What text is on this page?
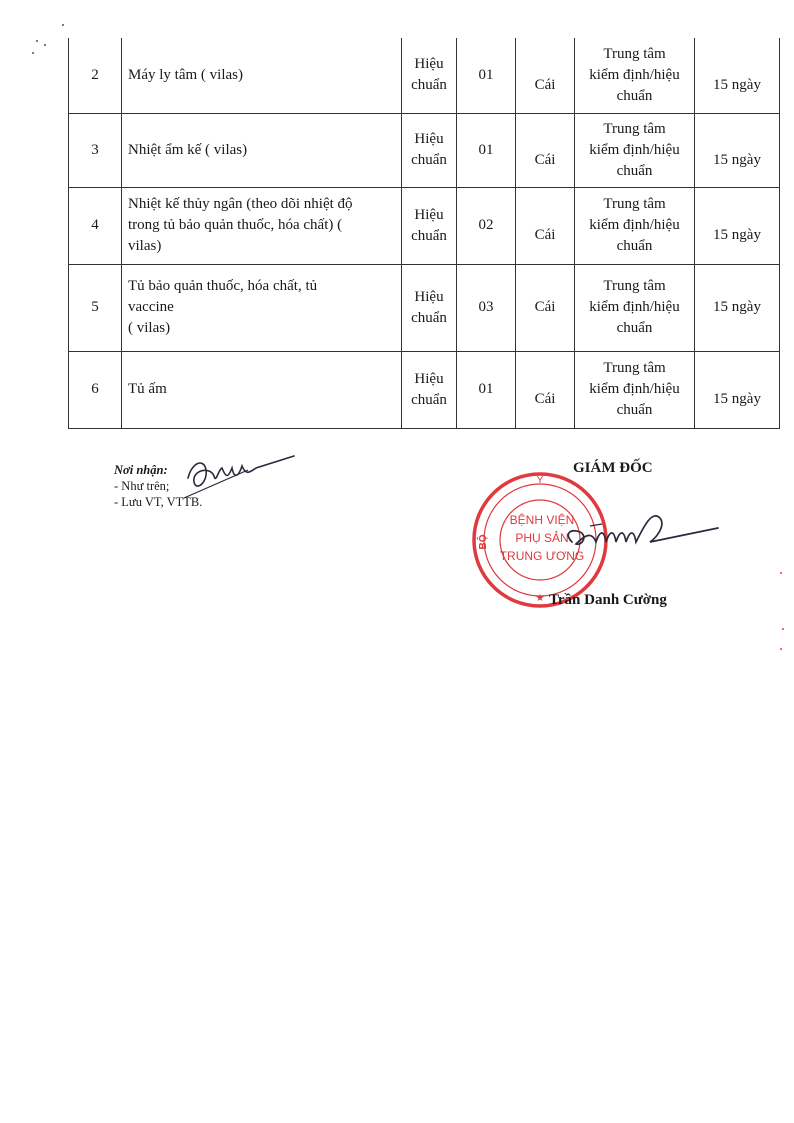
2	Máy ly tâm ( vilas)	Hiệu
chuẩn	01	Cái	Trung tâm
kiểm định/hiệu
chuẩn	15 ngày
3	Nhiệt ẩm kế ( vilas)	Hiệu
chuẩn	01	Cái	Trung tâm
kiểm định/hiệu
chuẩn	15 ngày
4	Nhiệt kế thủy ngân (theo dõi nhiệt độ
trong tủ bảo quản thuốc, hóa chất) (
vilas)	Hiệu
chuẩn	02	Cái	Trung tâm
kiểm định/hiệu
chuẩn	15 ngày
5	Tủ bảo quản thuốc, hóa chất, tủ
vaccine
( vilas)	Hiệu
chuẩn	03	Cái	Trung tâm
kiểm định/hiệu
chuẩn	15 ngày
6	Tủ ấm	Hiệu
chuẩn	01	Cái	Trung tâm
kiểm định/hiệu
chuẩn	15 ngày
Nơi nhận:
- Như trên;
- Lưu VT, VTTB.
GIÁM ĐỐC
Y
BỘ
BỆNH VIỆN
PHỤ SẢN
TRUNG ƯƠNG
★ Trần Danh Cường
